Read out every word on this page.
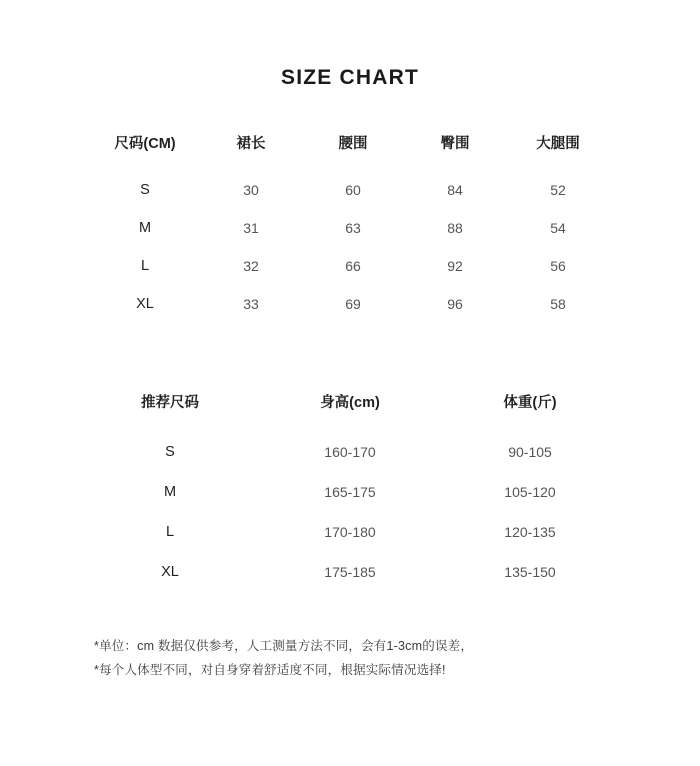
SIZE CHART
尺码(CM)	裙长	腰围	臀围	大腿围
S	30	60	84	52
M	31	63	88	54
L	32	66	92	56
XL	33	69	96	58
推荐尺码	身高(cm)	体重(斤)
S	160-170	90-105
M	165-175	105-120
L	170-180	120-135
XL	175-185	135-150
*单位：cm 数据仅供参考，人工测量方法不同，会有1-3cm的误差，
*每个人体型不同，对自身穿着舒适度不同，根据实际情况选择!
